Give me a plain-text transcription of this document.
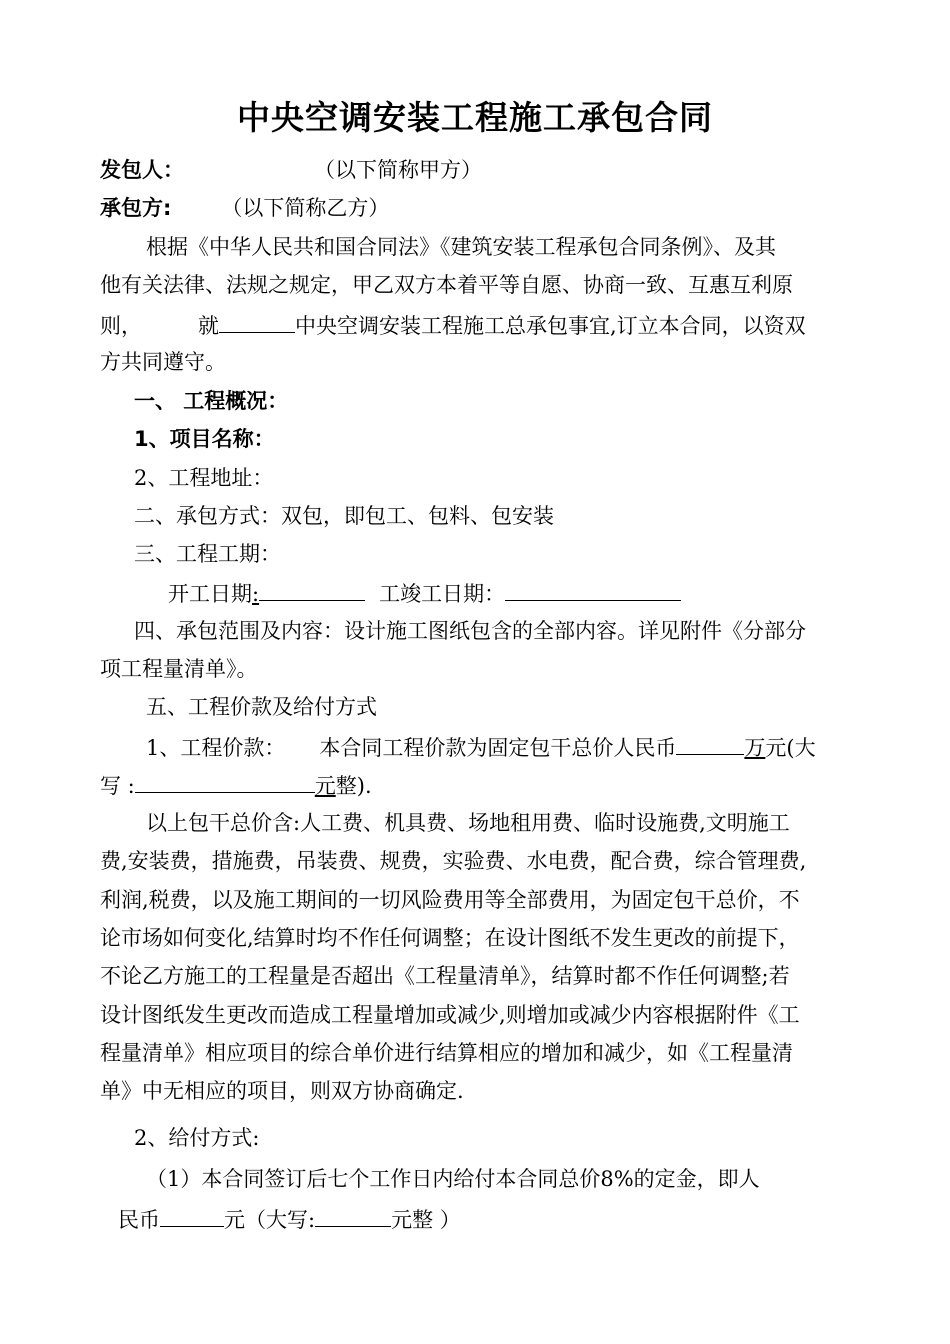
中央空调安装工程施工承包合同
发包人：	（以下简称甲方）
承包方: （以下简称乙方）
根据《中华人民共和国合同法》《建筑安装工程承包合同条例》、及其
他有关法律、法规之规定，甲乙双方本着平等自愿、协商一致、互惠互利原
则，	就	中央空调安装工程施工总承包事宜,订立本合同，以资双
方共同遵守。
一、 工程概况：
1、项目名称：
2、工程地址：
二、承包方式：双包，即包工、包料、包安装
三、工程工期：
开工日期:	工竣工日期：
四、承包范围及内容：设计施工图纸包含的全部内容。详见附件《分部分
项工程量清单》。
五、工程价款及给付方式
1、工程价款： 本合同工程价款为固定包干总价人民币	万元(大
写 :	元整).
以上包干总价含:人工费、机具费、场地租用费、临时设施费,文明施工
费,安装费，措施费，吊装费、规费，实验费、水电费，配合费，综合管理费,
利润,税费，以及施工期间的一切风险费用等全部费用，为固定包干总价，不
论市场如何变化,结算时均不作任何调整；在设计图纸不发生更改的前提下，
不论乙方施工的工程量是否超出《工程量清单》，结算时都不作任何调整;若
设计图纸发生更改而造成工程量增加或减少,则增加或减少内容根据附件《工
程量清单》相应项目的综合单价进行结算相应的增加和减少，如《工程量清
单》中无相应的项目，则双方协商确定.
2、给付方式:
（1）本合同签订后七个工作日内给付本合同总价8%的定金，即人
民币	元（大写:	元整 ）
